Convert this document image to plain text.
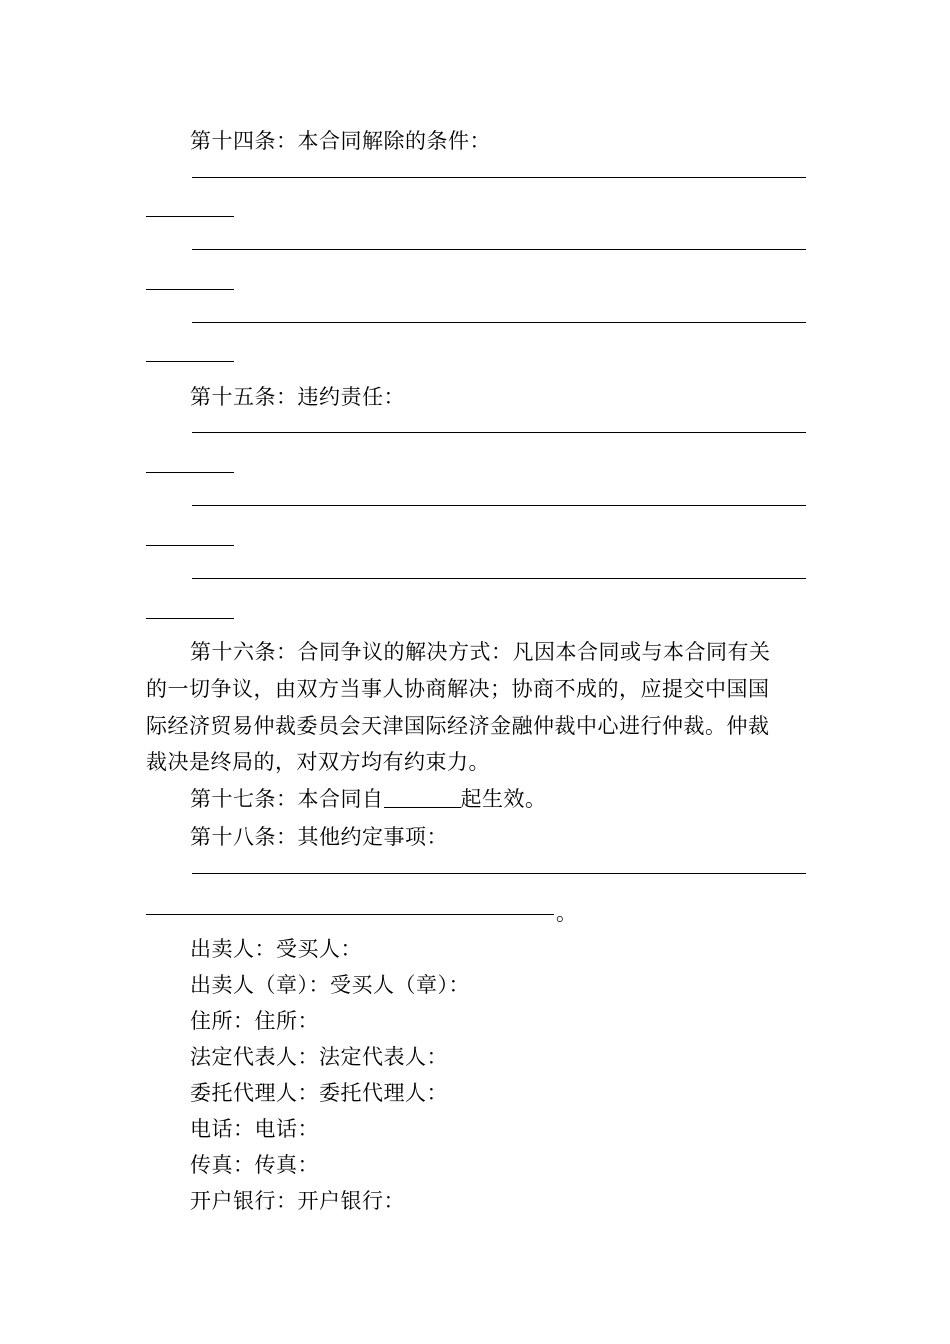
第十四条：本合同解除的条件：
第十五条：违约责任：
第十六条：合同争议的解决方式：凡因本合同或与本合同有关
的一切争议，由双方当事人协商解决；协商不成的，应提交中国国
际经济贸易仲裁委员会天津国际经济金融仲裁中心进行仲裁。仲裁
裁决是终局的，对双方均有约束力。
第十七条：本合同自	起生效。
第十八条：其他约定事项：
。
出卖人：受买人：
出卖人（章）：受买人（章）：
住所：住所：
法定代表人：法定代表人：
委托代理人：委托代理人：
电话：电话：
传真：传真：
开户银行：开户银行：
